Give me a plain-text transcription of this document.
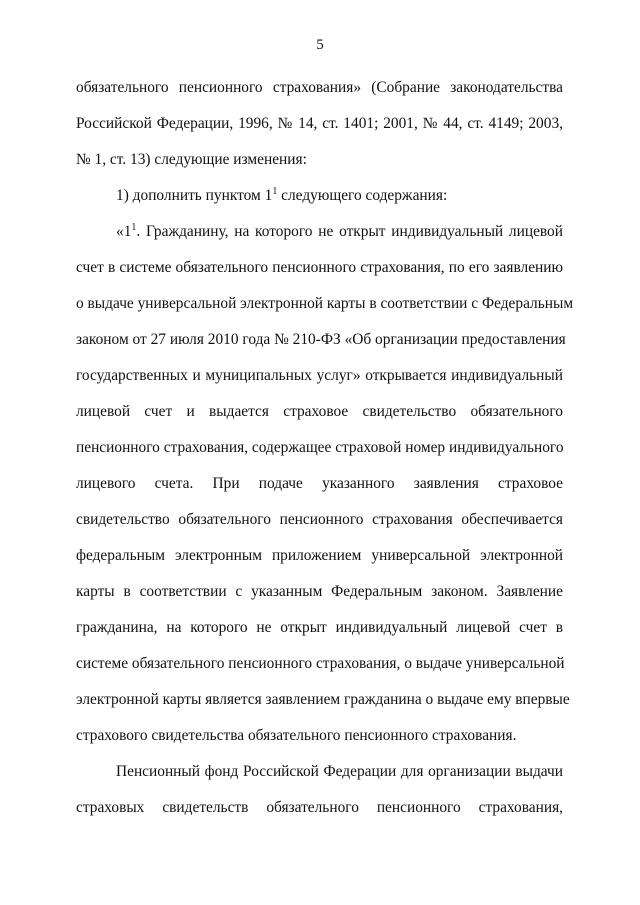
5
обязательного пенсионного страхования» (Собрание законодательства
Российской Федерации, 1996, № 14, ст. 1401; 2001, № 44, ст. 4149; 2003,
№ 1, ст. 13) следующие изменения:
1) дополнить пунктом $1^1$ следующего содержания:
«$1^1$. Гражданину, на которого не открыт индивидуальный лицевой
счет в системе обязательного пенсионного страхования, по его заявлению
о выдаче универсальной электронной карты в соответствии с Федеральным
законом от 27 июля 2010 года № 210-ФЗ «Об организации предоставления
государственных и муниципальных услуг» открывается индивидуальный
лицевой счет и выдается страховое свидетельство обязательного
пенсионного страхования, содержащее страховой номер индивидуального
лицевого счета. При подаче указанного заявления страховое
свидетельство обязательного пенсионного страхования обеспечивается
федеральным электронным приложением универсальной электронной
карты в соответствии с указанным Федеральным законом. Заявление
гражданина, на которого не открыт индивидуальный лицевой счет в
системе обязательного пенсионного страхования, о выдаче универсальной
электронной карты является заявлением гражданина о выдаче ему впервые
страхового свидетельства обязательного пенсионного страхования.
Пенсионный фонд Российской Федерации для организации выдачи
страховых свидетельств обязательного пенсионного страхования,
